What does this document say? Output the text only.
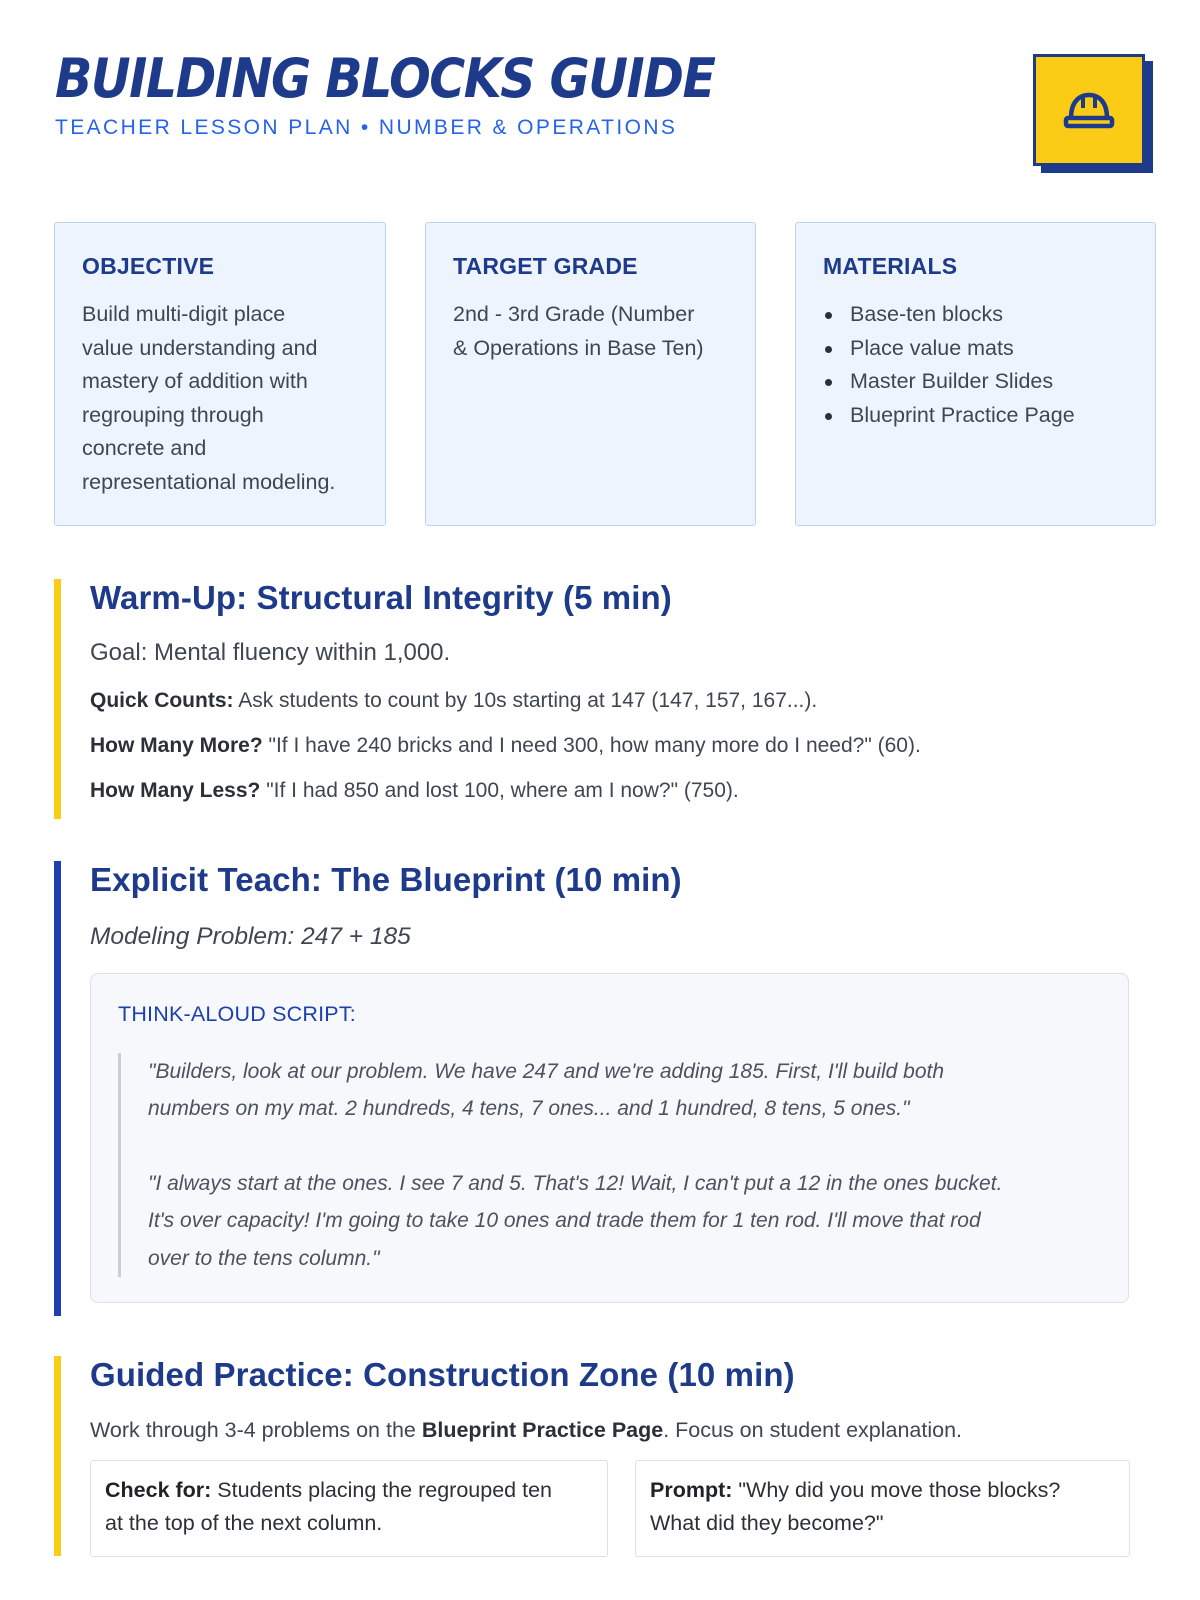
BUILDING BLOCKS GUIDE
TEACHER LESSON PLAN • NUMBER & OPERATIONS
OBJECTIVE

Build multi-digit place
value understanding and
mastery of addition with
regrouping through
concrete and
representational modeling.

TARGET GRADE

2nd - 3rd Grade (Number
& Operations in Base Ten)

MATERIALS
Base-ten blocks
Place value mats
Master Builder Slides
Blueprint Practice Page
Warm-Up: Structural Integrity (5 min)
Goal: Mental fluency within 1,000.
Quick Counts: Ask students to count by 10s starting at 147 (147, 157, 167...).
How Many More? "If I have 240 bricks and I need 300, how many more do I need?" (60).
How Many Less? "If I had 850 and lost 100, where am I now?" (750).
Explicit Teach: The Blueprint (10 min)
Modeling Problem: 247 + 185
THINK-ALOUD SCRIPT:

"Builders, look at our problem. We have 247 and we're adding 185. First, I'll build both
numbers on my mat. 2 hundreds, 4 tens, 7 ones... and 1 hundred, 8 tens, 5 ones."

"I always start at the ones. I see 7 and 5. That's 12! Wait, I can't put a 12 in the ones bucket.
It's over capacity! I'm going to take 10 ones and trade them for 1 ten rod. I'll move that rod
over to the tens column."

Guided Practice: Construction Zone (10 min)
Work through 3-4 problems on the Blueprint Practice Page. Focus on student explanation.
Check for: Students placing the regrouped ten
at the top of the next column.
Prompt: "Why did you move those blocks?
What did they become?"
